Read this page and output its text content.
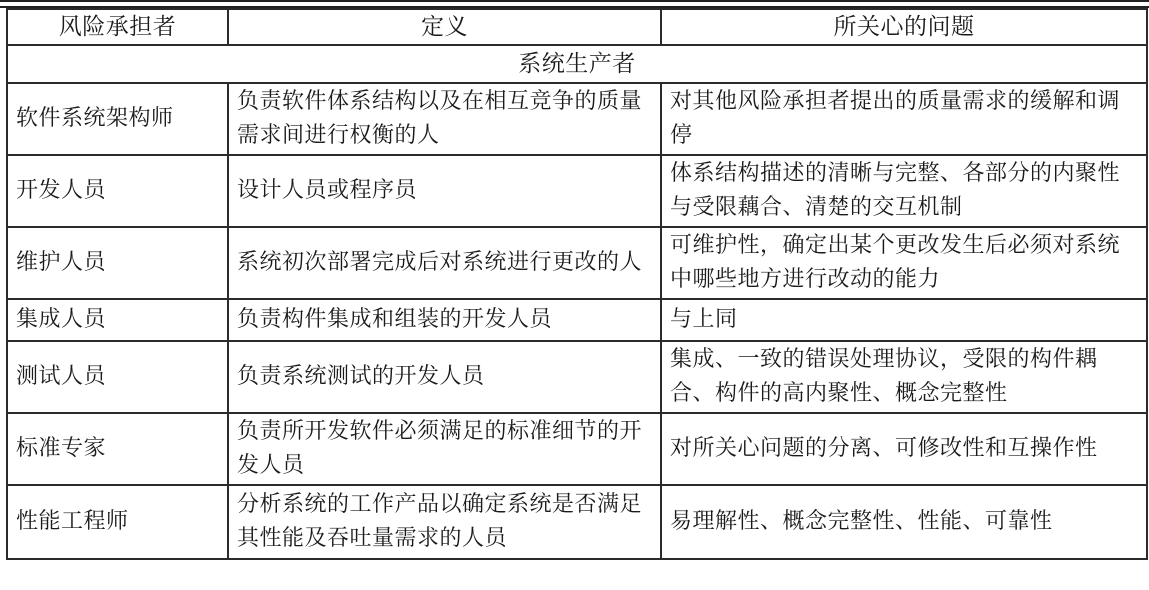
风险承担者	定义	所关心的问题
系统生产者		
软件系统架构师	负责软件体系结构以及在相互竞争的质量需求间进行权衡的人	对其他风险承担者提出的质量需求的缓解和调停
开发人员	设计人员或程序员	体系结构描述的清晰与完整、各部分的内聚性与受限藕合、清楚的交互机制
维护人员	系统初次部署完成后对系统进行更改的人	可维护性，确定出某个更改发生后必须对系统中哪些地方进行改动的能力
集成人员	负责构件集成和组装的开发人员	与上同
测试人员	负责系统测试的开发人员	集成、一致的错误处理协议，受限的构件耦合、构件的高内聚性、概念完整性
标准专家	负责所开发软件必须满足的标准细节的开发人员	对所关心问题的分离、可修改性和互操作性
性能工程师	分析系统的工作产品以确定系统是否满足其性能及吞吐量需求的人员	易理解性、概念完整性、性能、可靠性
